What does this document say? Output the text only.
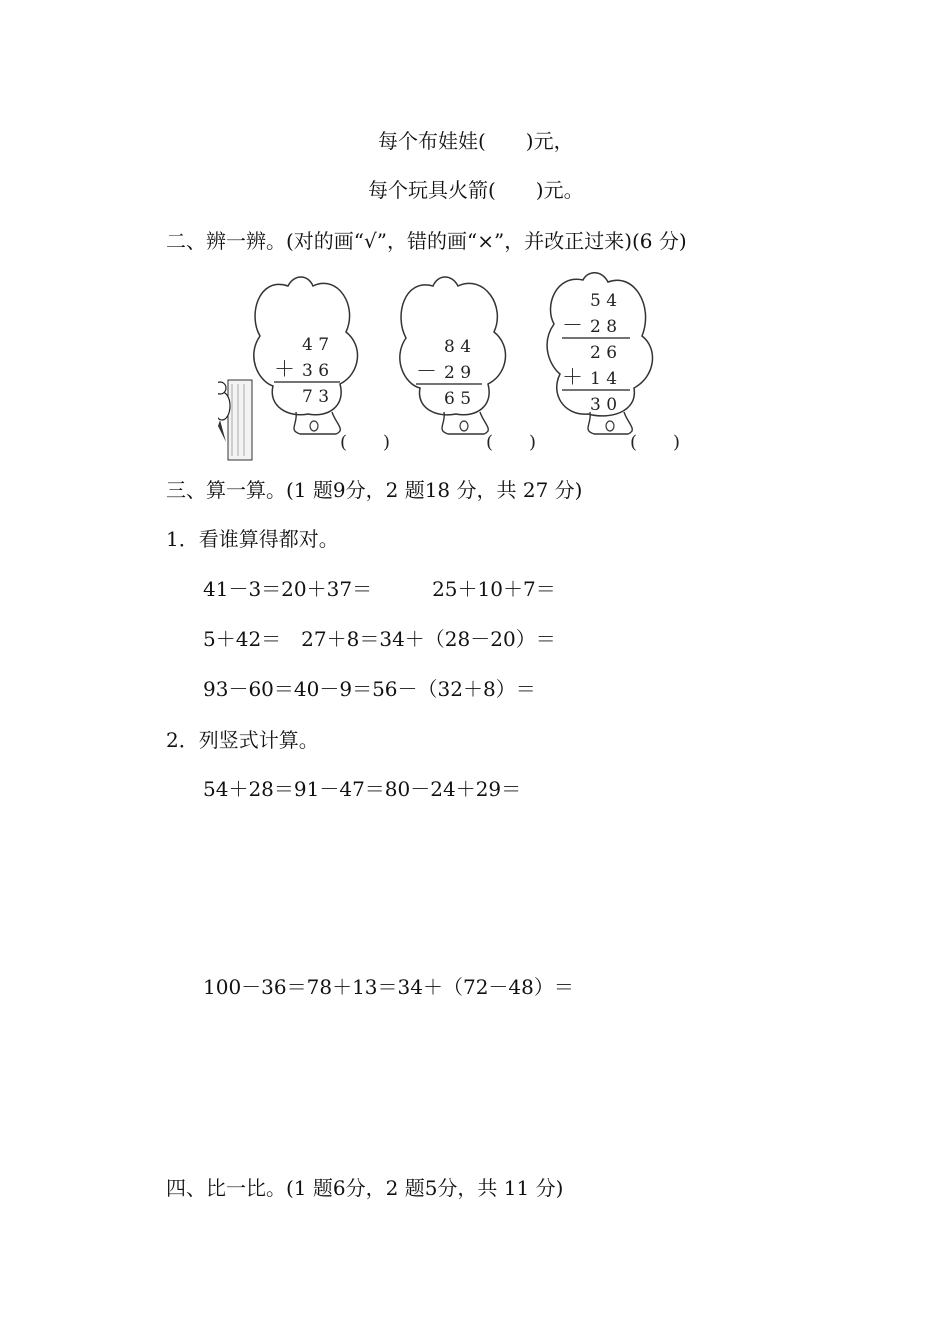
每个布娃娃(　　)元，
每个玩具火箭(　　)元。
二、辨一辨。(对的画“√”，错的画“×”，并改正过来)(6 分)
4 7
＋ 3 6
7 3
(　　)
8 4
－ 2 9
6 5
(　　)
5 4
－ 2 8
2 6
＋ 1 4
3 0
(　　)
三、算一算。(1 题9分，2 题18 分，共 27 分)
1．看谁算得都对。
41－3＝20＋37＝　　　25＋10＋7＝
5＋42＝　27＋8＝34＋（28－20）＝
93－60＝40－9＝56－（32＋8）＝
2．列竖式计算。
54＋28＝91－47＝80－24＋29＝
100－36＝78＋13＝34＋（72－48）＝
四、比一比。(1 题6分，2 题5分，共 11 分)
